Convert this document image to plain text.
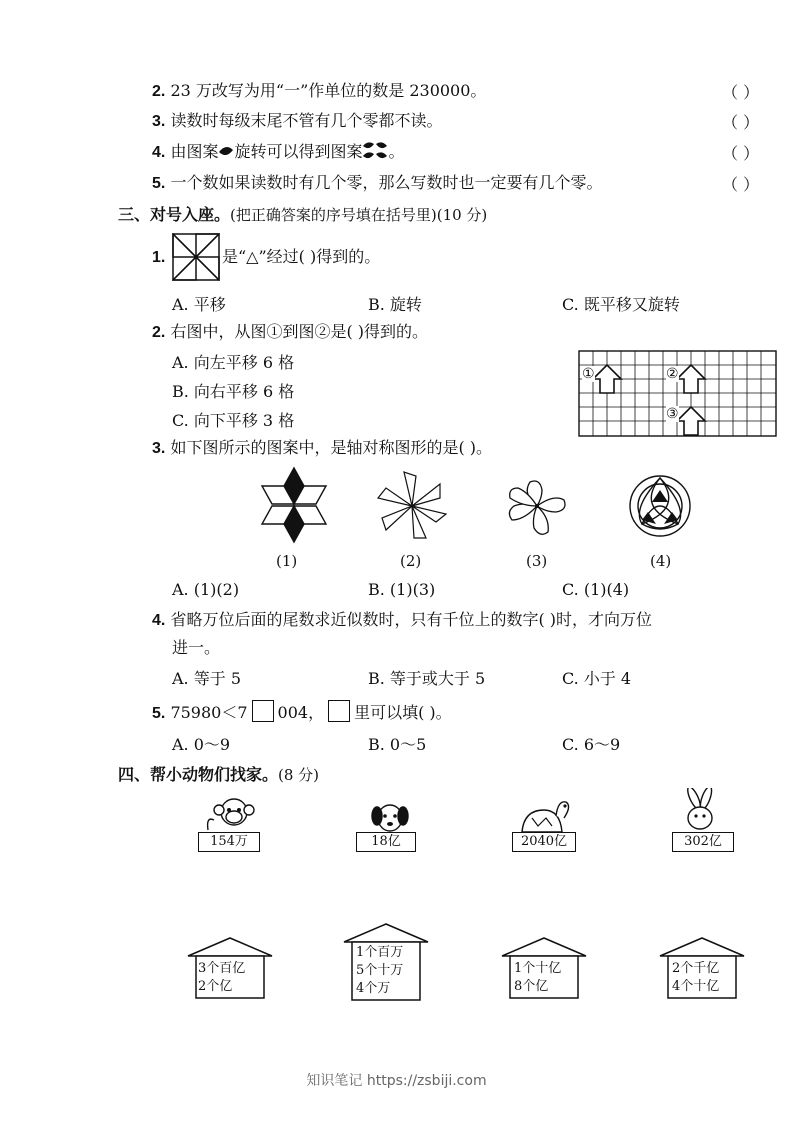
2. 23 万改写为用“一”作单位的数是 230000。	（ ）
3. 读数时每级末尾不管有几个零都不读。	（ ）
4. 由图案 旋转可以得到图案 。	（ ）
5. 一个数如果读数时有几个零，那么写数时也一定要有几个零。	（ ）
三、对号入座。(把正确答案的序号填在括号里)(10 分)
1.	是“△”经过( )得到的。
A. 平移	B. 旋转	C. 既平移又旋转
2. 右图中，从图①到图②是( )得到的。
A. 向左平移 6 格
B. 向右平移 6 格
C. 向下平移 3 格
①	②
③
3. 如下图所示的图案中，是轴对称图形的是( )。
(1)	(2)	(3)	(4)
A. (1)(2)	B. (1)(3)	C. (1)(4)
4. 省略万位后面的尾数求近似数时，只有千位上的数字( )时，才向万位
进一。
A. 等于 5	B. 等于或大于 5	C. 小于 4
5. 75980＜7 004， 里可以填( )。
A. 0～9	B. 0～5	C. 6～9
四、帮小动物们找家。(8 分)
154万	18亿	2040亿	302亿
3个百亿
2个亿
1个百万
5个十万
4个万
1个十亿
8个亿
2个千亿
4个十亿
知识笔记 https://zsbiji.com
